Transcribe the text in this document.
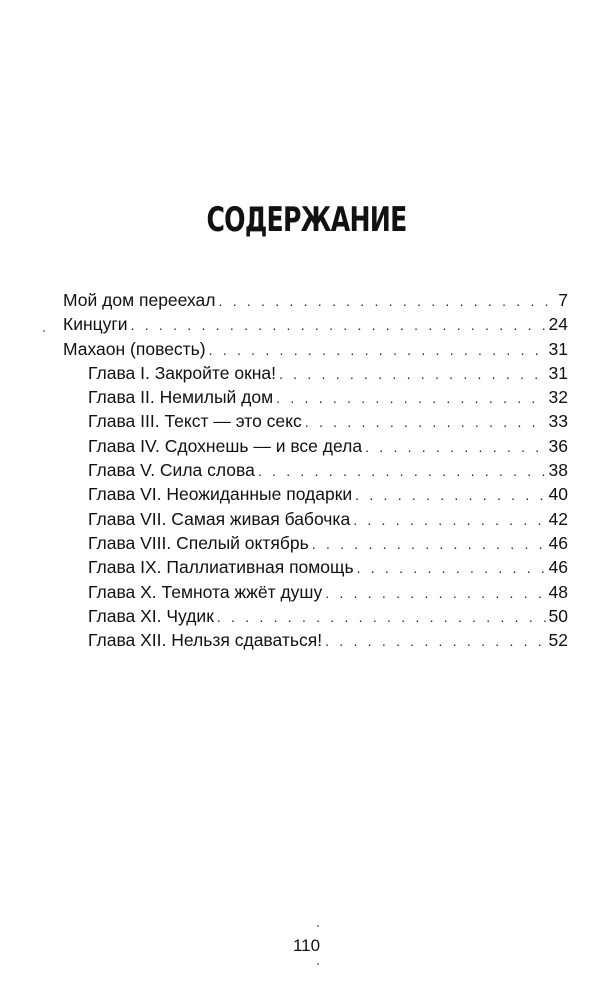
СОДЕРЖАНИЕ
Мой дом переехал . . .	7
Кинцуги . . .	24
Махаон (повесть) . . .	31
Глава I. Закройте окна! . . .	31
Глава II. Немилый дом . . .	32
Глава III. Текст — это секс . . .	33
Глава IV. Сдохнешь — и все дела . . .	36
Глава V. Сила слова . . .	38
Глава VI. Неожиданные подарки . . .	40
Глава VII. Самая живая бабочка . . .	42
Глава VIII. Спелый октябрь . . .	46
Глава IX. Паллиативная помощь . . .	46
Глава X. Темнота жжёт душу . . .	48
Глава XI. Чудик . . .	50
Глава XII. Нельзя сдаваться! . . .	52
110
